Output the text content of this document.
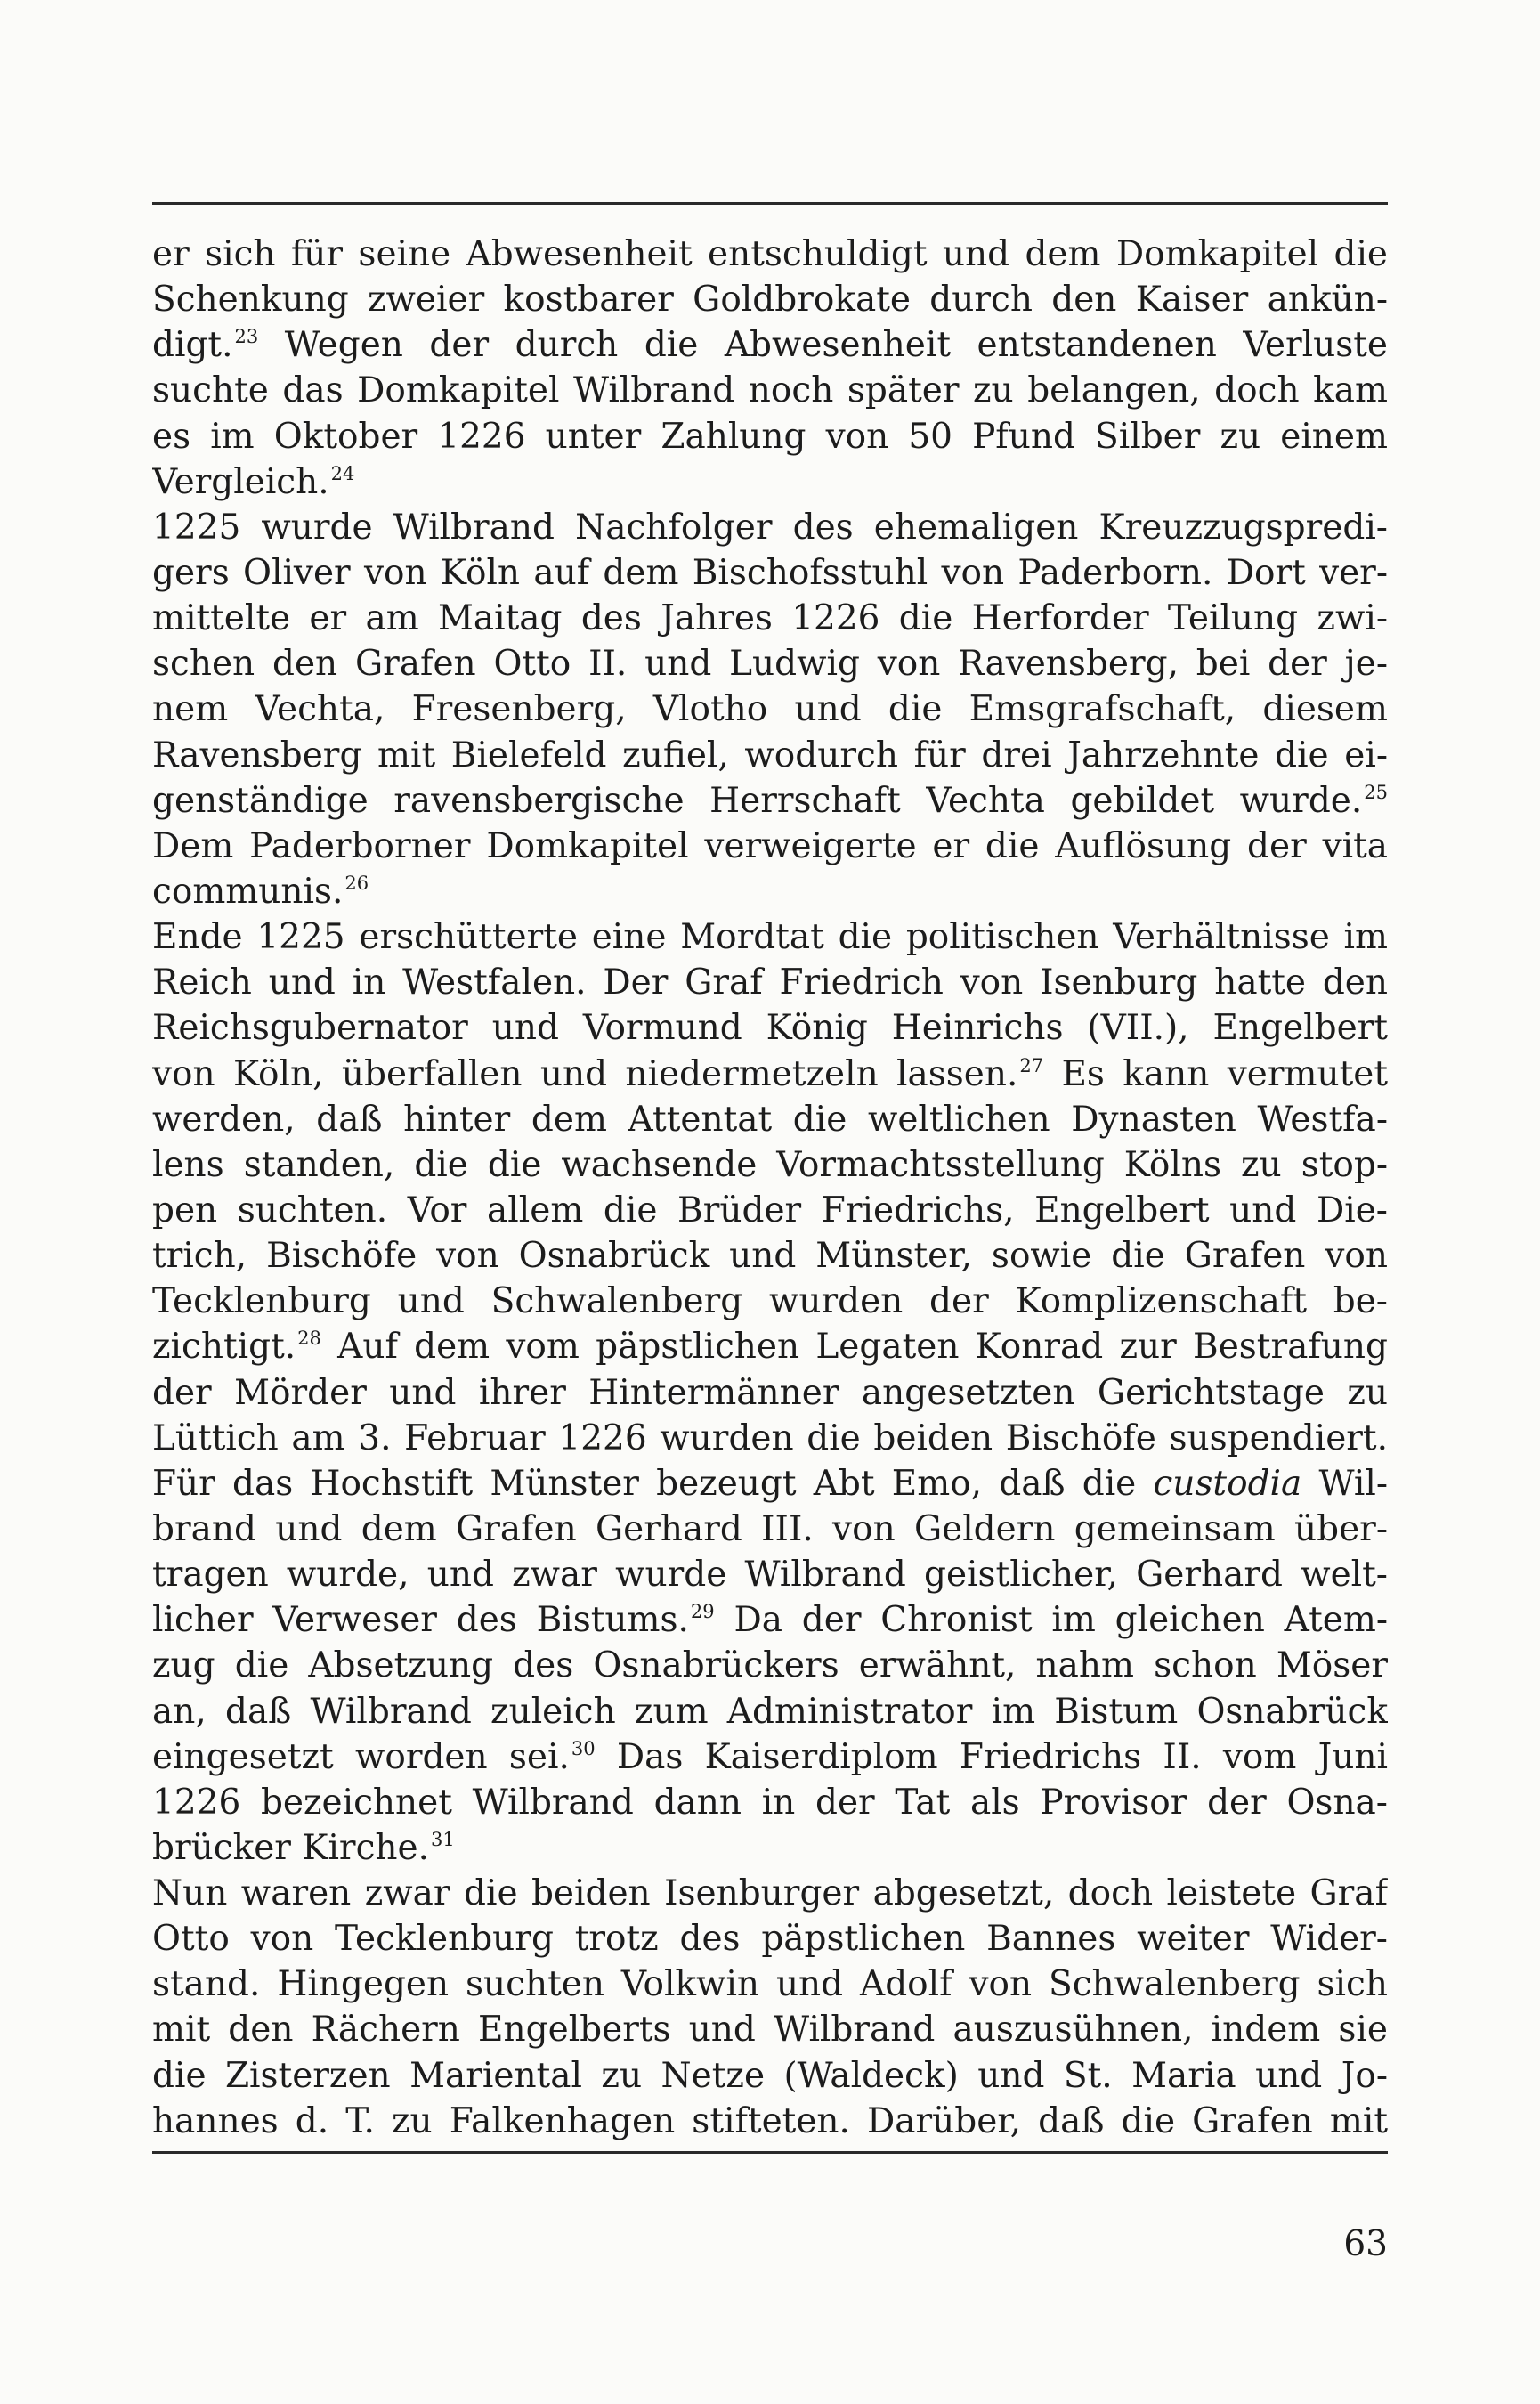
er sich für seine Abwesenheit entschuldigt und dem Domkapitel die
Schenkung zweier kostbarer Goldbrokate durch den Kaiser ankün-
digt.$^{23}$ Wegen der durch die Abwesenheit entstandenen Verluste
suchte das Domkapitel Wilbrand noch später zu belangen, doch kam
es im Oktober 1226 unter Zahlung von 50 Pfund Silber zu einem
Vergleich.$^{24}$
1225 wurde Wilbrand Nachfolger des ehemaligen Kreuzzugspredi-
gers Oliver von Köln auf dem Bischofsstuhl von Paderborn. Dort ver-
mittelte er am Maitag des Jahres 1226 die Herforder Teilung zwi-
schen den Grafen Otto II. und Ludwig von Ravensberg, bei der je-
nem Vechta, Fresenberg, Vlotho und die Emsgrafschaft, diesem
Ravensberg mit Bielefeld zufiel, wodurch für drei Jahrzehnte die ei-
genständige ravensbergische Herrschaft Vechta gebildet wurde.$^{25}$
Dem Paderborner Domkapitel verweigerte er die Auflösung der vita
communis.$^{26}$
Ende 1225 erschütterte eine Mordtat die politischen Verhältnisse im
Reich und in Westfalen. Der Graf Friedrich von Isenburg hatte den
Reichsgubernator und Vormund König Heinrichs (VII.), Engelbert
von Köln, überfallen und niedermetzeln lassen.$^{27}$ Es kann vermutet
werden, daß hinter dem Attentat die weltlichen Dynasten Westfa-
lens standen, die die wachsende Vormachtsstellung Kölns zu stop-
pen suchten. Vor allem die Brüder Friedrichs, Engelbert und Die-
trich, Bischöfe von Osnabrück und Münster, sowie die Grafen von
Tecklenburg und Schwalenberg wurden der Komplizenschaft be-
zichtigt.$^{28}$ Auf dem vom päpstlichen Legaten Konrad zur Bestrafung
der Mörder und ihrer Hintermänner angesetzten Gerichtstage zu
Lüttich am 3. Februar 1226 wurden die beiden Bischöfe suspendiert.
Für das Hochstift Münster bezeugt Abt Emo, daß die custodia Wil-
brand und dem Grafen Gerhard III. von Geldern gemeinsam über-
tragen wurde, und zwar wurde Wilbrand geistlicher, Gerhard welt-
licher Verweser des Bistums.$^{29}$ Da der Chronist im gleichen Atem-
zug die Absetzung des Osnabrückers erwähnt, nahm schon Möser
an, daß Wilbrand zuleich zum Administrator im Bistum Osnabrück
eingesetzt worden sei.$^{30}$ Das Kaiserdiplom Friedrichs II. vom Juni
1226 bezeichnet Wilbrand dann in der Tat als Provisor der Osna-
brücker Kirche.$^{31}$
Nun waren zwar die beiden Isenburger abgesetzt, doch leistete Graf
Otto von Tecklenburg trotz des päpstlichen Bannes weiter Wider-
stand. Hingegen suchten Volkwin und Adolf von Schwalenberg sich
mit den Rächern Engelberts und Wilbrand auszusühnen, indem sie
die Zisterzen Mariental zu Netze (Waldeck) und St. Maria und Jo-
hannes d. T. zu Falkenhagen stifteten. Darüber, daß die Grafen mit
63
